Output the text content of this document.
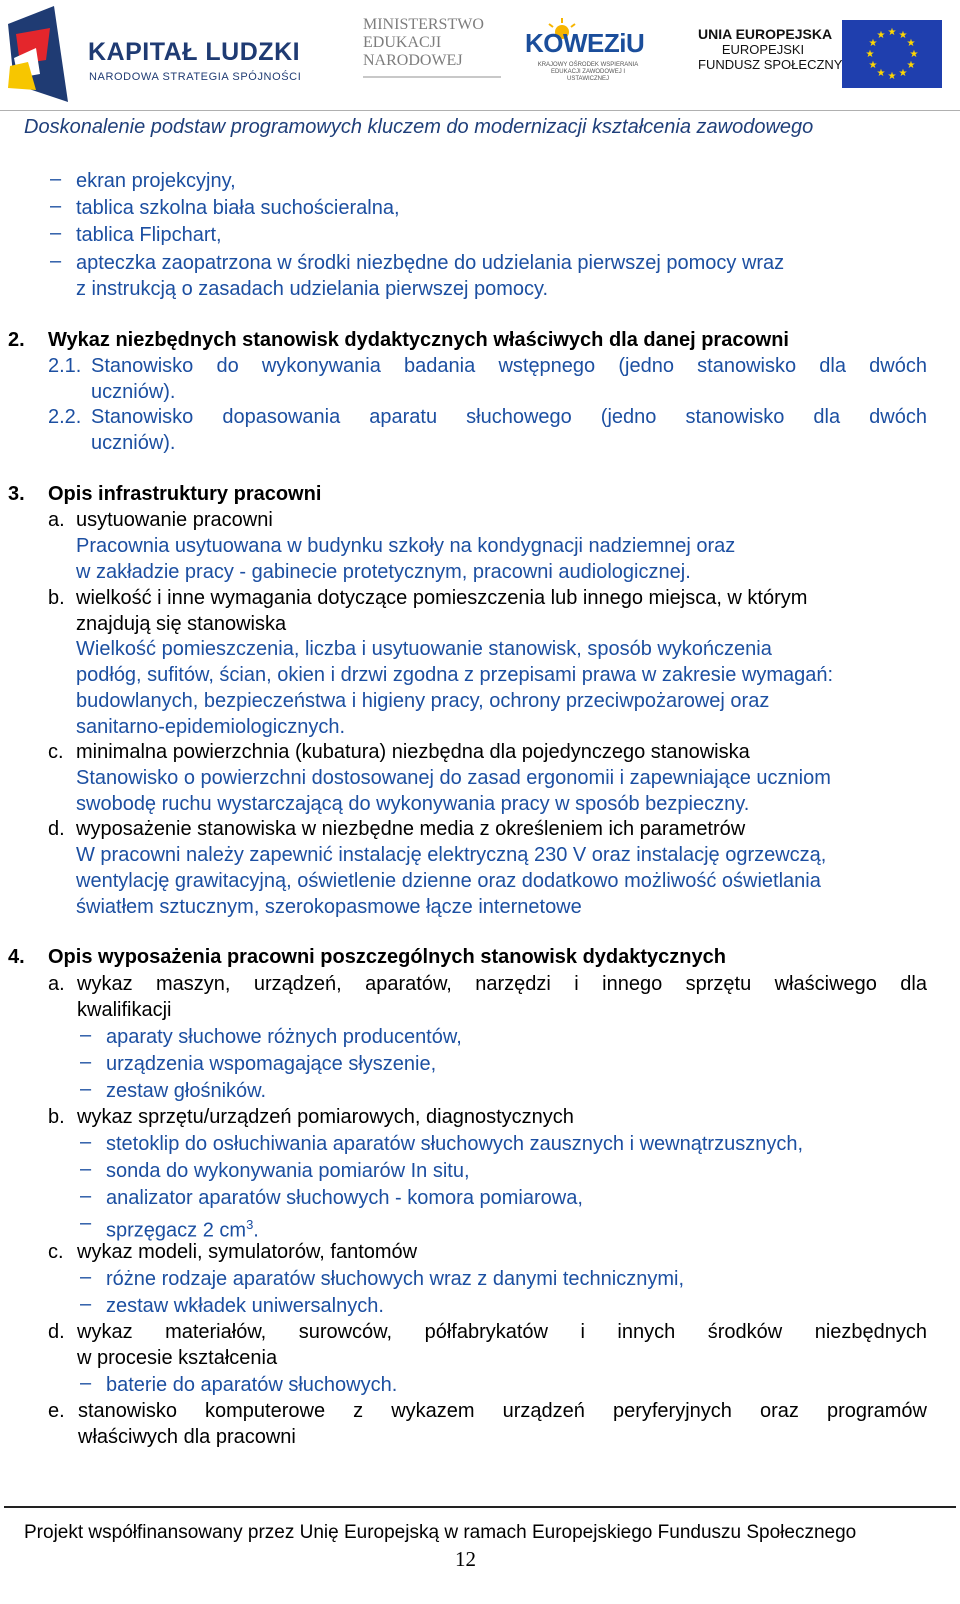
KAPITAŁ LUDZKI
NARODOWA STRATEGIA SPÓJNOŚCI
MINISTERSTWO
EDUKACJI
NARODOWEJ
KOWEZiU
KRAJOWY OŚRODEK WSPIERANIA EDUKACJI ZAWODOWEJ I USTAWICZNEJ
UNIA EUROPEJSKA
EUROPEJSKI
FUNDUSZ SPOŁECZNY
★ ★
★
★
★
★
★
★
★
★
★
★
Doskonalenie podstaw programowych kluczem do modernizacji kształcenia zawodowego
– ekran projekcyjny,
– tablica szkolna biała suchościeralna,
– tablica Flipchart,
– apteczka zaopatrzona w środki niezbędne do udzielania pierwszej pomocy wraz
z instrukcją o zasadach udzielania pierwszej pomocy.
2. Wykaz niezbędnych stanowisk dydaktycznych właściwych dla danej pracowni
2.1. Stanowisko do wykonywania badania wstępnego (jedno stanowisko dla dwóch
uczniów).
2.2. Stanowisko dopasowania aparatu słuchowego (jedno stanowisko dla dwóch
uczniów).
3. Opis infrastruktury pracowni
a. usytuowanie pracowni
Pracownia usytuowana w budynku szkoły na kondygnacji nadziemnej oraz
w zakładzie pracy - gabinecie protetycznym, pracowni audiologicznej.
b. wielkość i inne wymagania dotyczące pomieszczenia lub innego miejsca, w którym
znajdują się stanowiska
Wielkość pomieszczenia, liczba i usytuowanie stanowisk, sposób wykończenia
podłóg, sufitów, ścian, okien i drzwi zgodna z przepisami prawa w zakresie wymagań:
budowlanych, bezpieczeństwa i higieny pracy, ochrony przeciwpożarowej oraz
sanitarno-epidemiologicznych.
c. minimalna powierzchnia (kubatura) niezbędna dla pojedynczego stanowiska
Stanowisko o powierzchni dostosowanej do zasad ergonomii i zapewniające uczniom
swobodę ruchu wystarczającą do wykonywania pracy w sposób bezpieczny.
d. wyposażenie stanowiska w niezbędne media z określeniem ich parametrów
W pracowni należy zapewnić instalację elektryczną 230 V oraz instalację ogrzewczą,
wentylację grawitacyjną, oświetlenie dzienne oraz dodatkowo możliwość oświetlania
światłem sztucznym, szerokopasmowe łącze internetowe
4. Opis wyposażenia pracowni poszczególnych stanowisk dydaktycznych
a. wykaz maszyn, urządzeń, aparatów, narzędzi i innego sprzętu właściwego dla
kwalifikacji
– aparaty słuchowe różnych producentów,
– urządzenia wspomagające słyszenie,
– zestaw głośników.
b. wykaz sprzętu/urządzeń pomiarowych, diagnostycznych
– stetoklip do osłuchiwania aparatów słuchowych zausznych i wewnątrzusznych,
– sonda do wykonywania pomiarów In situ,
– analizator aparatów słuchowych - komora pomiarowa,
– sprzęgacz 2 $cm^3$.
c. wykaz modeli, symulatorów, fantomów
– różne rodzaje aparatów słuchowych wraz z danymi technicznymi,
– zestaw wkładek uniwersalnych.
d. wykaz materiałów, surowców, półfabrykatów i innych środków niezbędnych
w procesie kształcenia
– baterie do aparatów słuchowych.
e. stanowisko komputerowe z wykazem urządzeń peryferyjnych oraz programów
właściwych dla pracowni
Projekt współfinansowany przez Unię Europejską w ramach Europejskiego Funduszu Społecznego
12
